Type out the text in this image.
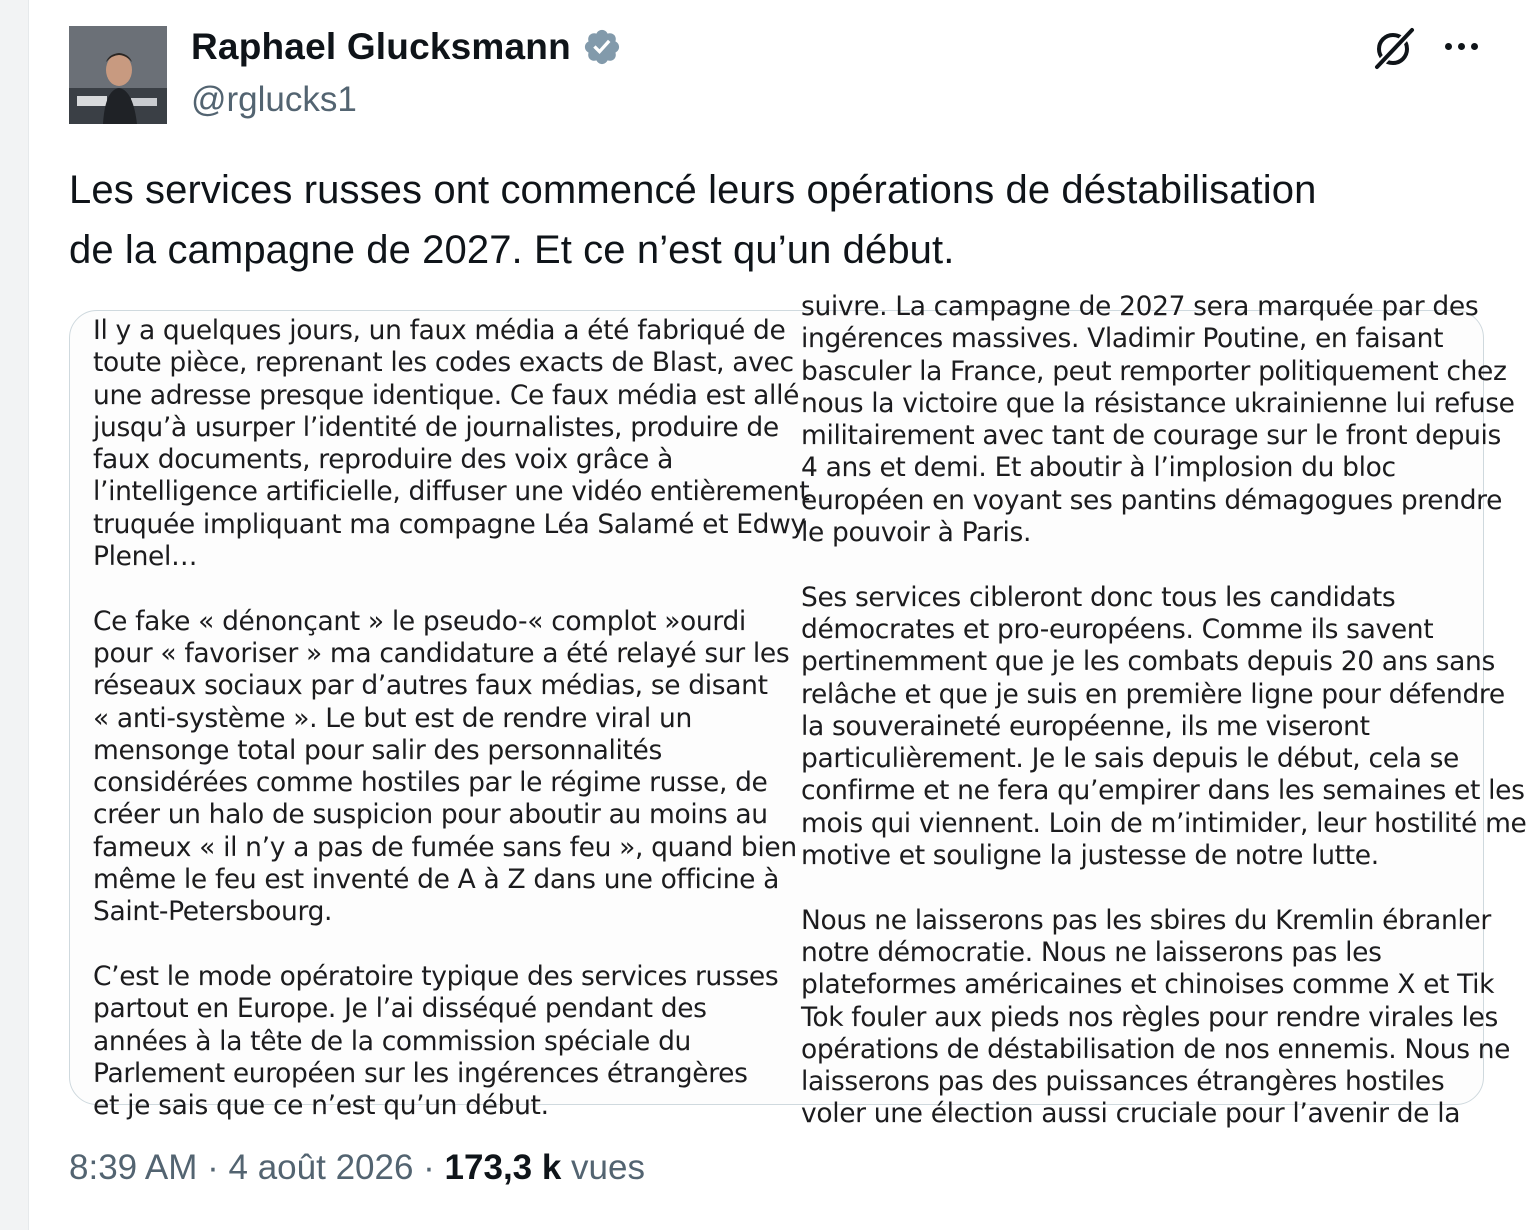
Raphael Glucksmann
@rglucks1
Les services russes ont commencé leurs opérations de déstabilisation
de la campagne de 2027. Et ce n’est qu’un début.

Il y a quelques jours, un faux média a été fabriqué de

toute pièce, reprenant les codes exacts de Blast, avec

une adresse presque identique. Ce faux média est allé

jusqu’à usurper l’identité de journalistes, produire de

faux documents, reproduire des voix grâce à

l’intelligence artificielle, diffuser une vidéo entièrement

truquée impliquant ma compagne Léa Salamé et Edwy

Plenel…

Ce fake « dénonçant » le pseudo-« complot »ourdi

pour « favoriser » ma candidature a été relayé sur les

réseaux sociaux par d’autres faux médias, se disant

« anti-système ». Le but est de rendre viral un

mensonge total pour salir des personnalités

considérées comme hostiles par le régime russe, de

créer un halo de suspicion pour aboutir au moins au

fameux « il n’y a pas de fumée sans feu », quand bien

même le feu est inventé de A à Z dans une officine à

Saint-Petersbourg.

C’est le mode opératoire typique des services russes

partout en Europe. Je l’ai disséqué pendant des

années à la tête de la commission spéciale du

Parlement européen sur les ingérences étrangères

et je sais que ce n’est qu’un début.

suivre. La campagne de 2027 sera marquée par des

ingérences massives. Vladimir Poutine, en faisant

basculer la France, peut remporter politiquement chez

nous la victoire que la résistance ukrainienne lui refuse

militairement avec tant de courage sur le front depuis

4 ans et demi. Et aboutir à l’implosion du bloc

européen en voyant ses pantins démagogues prendre

le pouvoir à Paris.

Ses services cibleront donc tous les candidats

démocrates et pro-européens. Comme ils savent

pertinemment que je les combats depuis 20 ans sans

relâche et que je suis en première ligne pour défendre

la souveraineté européenne, ils me viseront

particulièrement. Je le sais depuis le début, cela se

confirme et ne fera qu’empirer dans les semaines et les

mois qui viennent. Loin de m’intimider, leur hostilité me

motive et souligne la justesse de notre lutte.

Nous ne laisserons pas les sbires du Kremlin ébranler

notre démocratie. Nous ne laisserons pas les

plateformes américaines et chinoises comme X et Tik

Tok fouler aux pieds nos règles pour rendre virales les

opérations de déstabilisation de nos ennemis. Nous ne

laisserons pas des puissances étrangères hostiles

voler une élection aussi cruciale pour l’avenir de la

8:39 AM · 4 août 2026 · 173,3 k vues
